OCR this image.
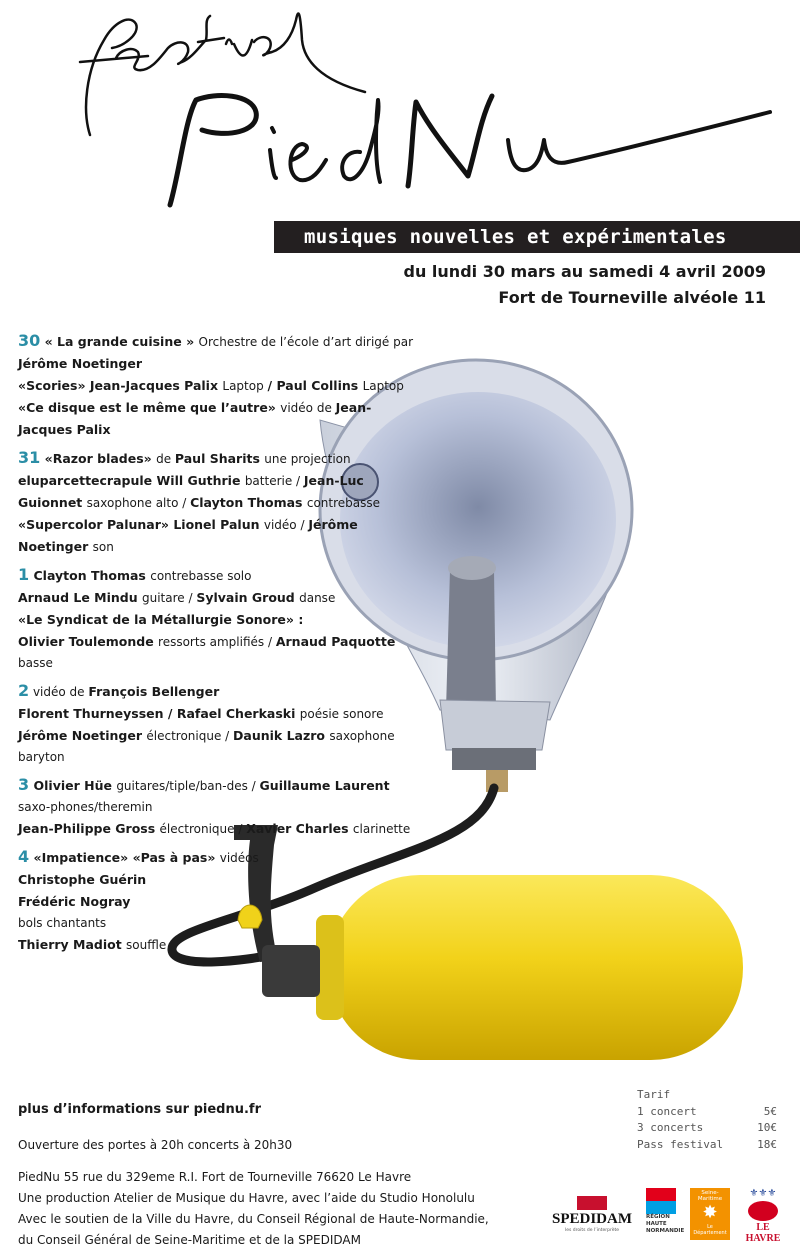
musiques nouvelles et expérimentales
du lundi 30 mars au samedi 4 avril 2009
Fort de Tourneville alvéole 11

30 « La grande cuisine » Orchestre de l’école d’art dirigé par Jérôme Noetinger

«Scories» Jean-Jacques Palix Laptop / Paul Collins Laptop

«Ce disque est le même que l’autre» vidéo de Jean-Jacques Palix

31 «Razor blades» de Paul Sharits une projection eluparcettecrapule Will Guthrie batterie / Jean-Luc Guionnet saxophone alto / Clayton Thomas contrebasse

«Supercolor Palunar» Lionel Palun vidéo / Jérôme Noetinger son

1 Clayton Thomas contrebasse solo

Arnaud Le Mindu guitare / Sylvain Groud danse

«Le Syndicat de la Métallurgie Sonore» :

Olivier Toulemonde ressorts amplifiés / Arnaud Paquotte basse

2 vidéo de François Bellenger

Florent Thurneyssen / Rafael Cherkaski poésie sonore

Jérôme Noetinger électronique / Daunik Lazro saxophone baryton

3 Olivier Hüe guitares/tiple/ban-des / Guillaume Laurent saxo-phones/theremin

Jean-Philippe Gross électronique / Xavier Charles clarinette

4 «Impatience» «Pas à pas» vidéos

Christophe Guérin

Frédéric Nogray

bols chantants

Thierry Madiot souffle

plus d’informations sur piednu.fr
Ouverture des portes à 20h concerts à 20h30
PiedNu 55 rue du 329eme R.I. Fort de Tourneville 76620 Le Havre
Une production Atelier de Musique du Havre, avec l’aide du Studio Honolulu
Avec le soutien de la Ville du Havre, du Conseil Régional de Haute-Normandie,
du Conseil Général de Seine-Maritime et de la SPEDIDAM
Tarif
1 concert	5€
3 concerts	10€
Pass festival	18€
SPEDIDAM
les droits de l’interprète
RÉGION HAUTE NORMANDIE
Seine-Maritime
✸
Le Département
⚜⚜⚜
LE HAVRE
